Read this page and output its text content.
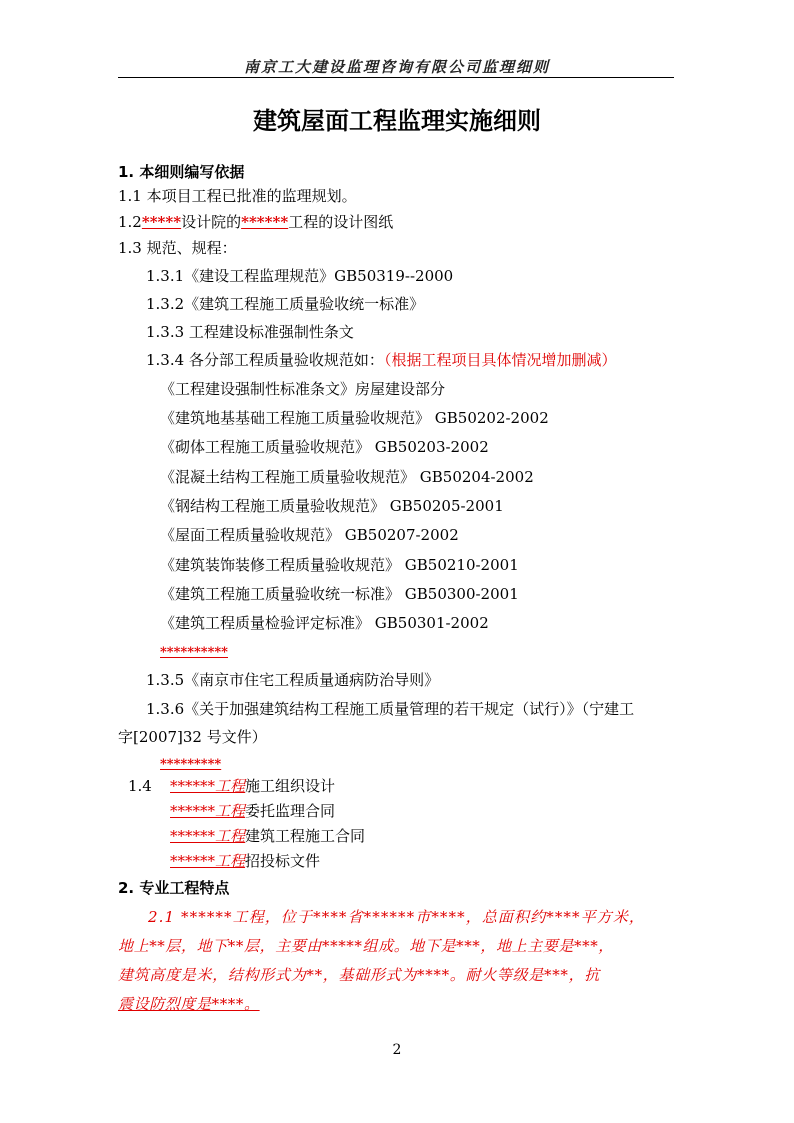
南京工大建设监理咨询有限公司监理细则
建筑屋面工程监理实施细则
1. 本细则编写依据
1.1 本项目工程已批准的监理规划。
1.2*****设计院的******工程的设计图纸
1.3 规范、规程：
1.3.1《建设工程监理规范》GB50319--2000
1.3.2《建筑工程施工质量验收统一标准》
1.3.3 工程建设标准强制性条文
1.3.4 各分部工程质量验收规范如：（根据工程项目具体情况增加删减）
《工程建设强制性标准条文》房屋建设部分
《建筑地基基础工程施工质量验收规范》 GB50202-2002
《砌体工程施工质量验收规范》 GB50203-2002
《混凝土结构工程施工质量验收规范》 GB50204-2002
《钢结构工程施工质量验收规范》 GB50205-2001
《屋面工程质量验收规范》 GB50207-2002
《建筑装饰装修工程质量验收规范》 GB50210-2001
《建筑工程施工质量验收统一标准》 GB50300-2001
《建筑工程质量检验评定标准》 GB50301-2002
**********
1.3.5《南京市住宅工程质量通病防治导则》
1.3.6《关于加强建筑结构工程施工质量管理的若干规定（试行）》（宁建工
字[2007]32 号文件）
*********
1.4 ******工程施工组织设计
******工程委托监理合同
******工程建筑工程施工合同
******工程招投标文件
2. 专业工程特点
2.1 ******工程，位于****省******市****，总面积约****平方米，
地上**层，地下**层，主要由*****组成。地下是***，地上主要是***，
建筑高度是米，结构形式为**，基础形式为****。耐火等级是***，抗
震设防烈度是****。
2
